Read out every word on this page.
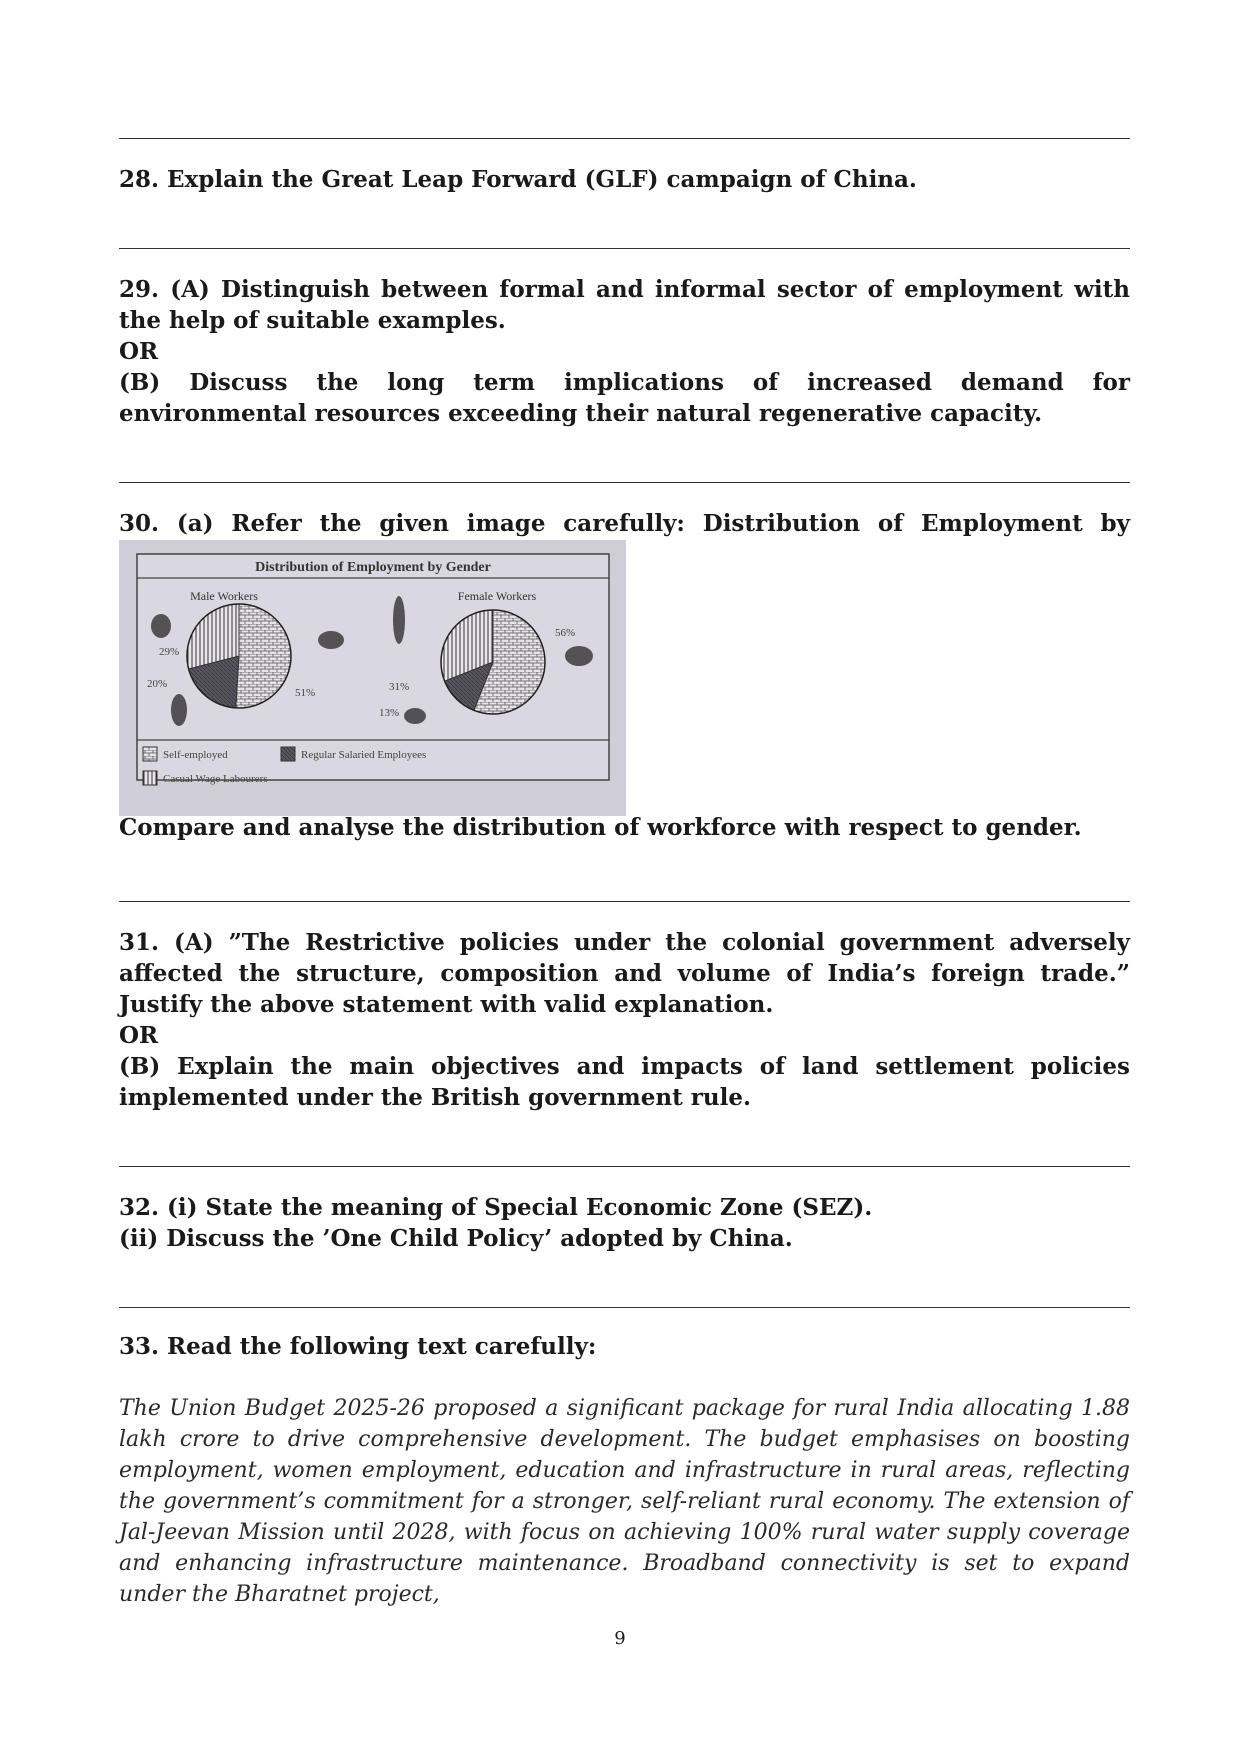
28. Explain the Great Leap Forward (GLF) campaign of China.

29. (A) Distinguish between formal and informal sector of employment with the help of suitable examples.

OR

(B) Discuss the long term implications of increased demand for environmental resources exceeding their natural regenerative capacity.

30. (a) Refer the given image carefully: Distribution of Employment by

Distribution of Employment by Gender
Male Workers
51%
20%
29%
Female Workers
56%
13%
31%
Self-employed	Regular Salaried Employees
Casual Wage Labourers

Compare and analyse the distribution of workforce with respect to gender.

31. (A) ”The Restrictive policies under the colonial government adversely affected the structure, composition and volume of India’s foreign trade.” Justify the above statement with valid explanation.

OR

(B) Explain the main objectives and impacts of land settlement policies implemented under the British government rule.

32. (i) State the meaning of Special Economic Zone (SEZ).

(ii) Discuss the ’One Child Policy’ adopted by China.

33. Read the following text carefully:

The Union Budget 2025-26 proposed a significant package for rural India allocating 1.88 lakh crore to drive comprehensive development. The budget emphasises on boosting employment, women employment, education and infrastructure in rural areas, reflecting the government’s commitment for a stronger, self-reliant rural economy. The extension of Jal-Jeevan Mission until 2028, with focus on achieving 100% rural water supply coverage and enhancing infrastructure maintenance. Broadband connectivity is set to expand under the Bharatnet project,
9
